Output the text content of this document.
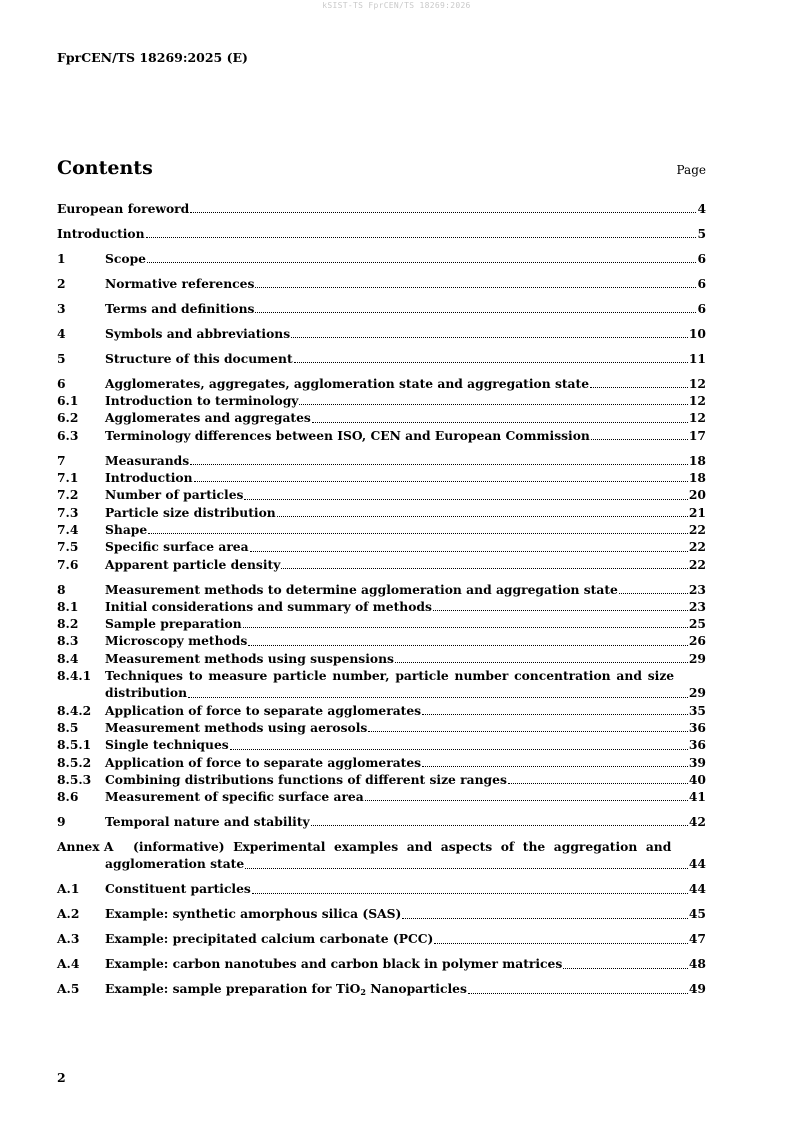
kSIST-TS FprCEN/TS 18269:2026
FprCEN/TS 18269:2025 (E)
Contents	Page
European foreword	4
Introduction	5
1	Scope	6
2	Normative references	6
3	Terms and definitions	6
4	Symbols and abbreviations	10
5	Structure of this document	11
6	Agglomerates, aggregates, agglomeration state and aggregation state	12
6.1	Introduction to terminology	12
6.2	Agglomerates and aggregates	12
6.3	Terminology differences between ISO, CEN and European Commission	17
7	Measurands	18
7.1	Introduction	18
7.2	Number of particles	20
7.3	Particle size distribution	21
7.4	Shape	22
7.5	Specific surface area	22
7.6	Apparent particle density	22
8	Measurement methods to determine agglomeration and aggregation state	23
8.1	Initial considerations and summary of methods	23
8.2	Sample preparation	25
8.3	Microscopy methods	26
8.4	Measurement methods using suspensions	29
8.4.1	Techniques to measure particle number, particle number concentration and size
distribution	29
8.4.2	Application of force to separate agglomerates	35
8.5	Measurement methods using aerosols	36
8.5.1	Single techniques	36
8.5.2	Application of force to separate agglomerates	39
8.5.3	Combining distributions functions of different size ranges	40
8.6	Measurement of specific surface area	41
9	Temporal nature and stability	42
Annex A	(informative) Experimental examples and aspects of the aggregation and
agglomeration state	44
A.1	Constituent particles	44
A.2	Example: synthetic amorphous silica (SAS)	45
A.3	Example: precipitated calcium carbonate (PCC)	47
A.4	Example: carbon nanotubes and carbon black in polymer matrices	48
A.5	Example: sample preparation for TiO$_2$ Nanoparticles	49
2
